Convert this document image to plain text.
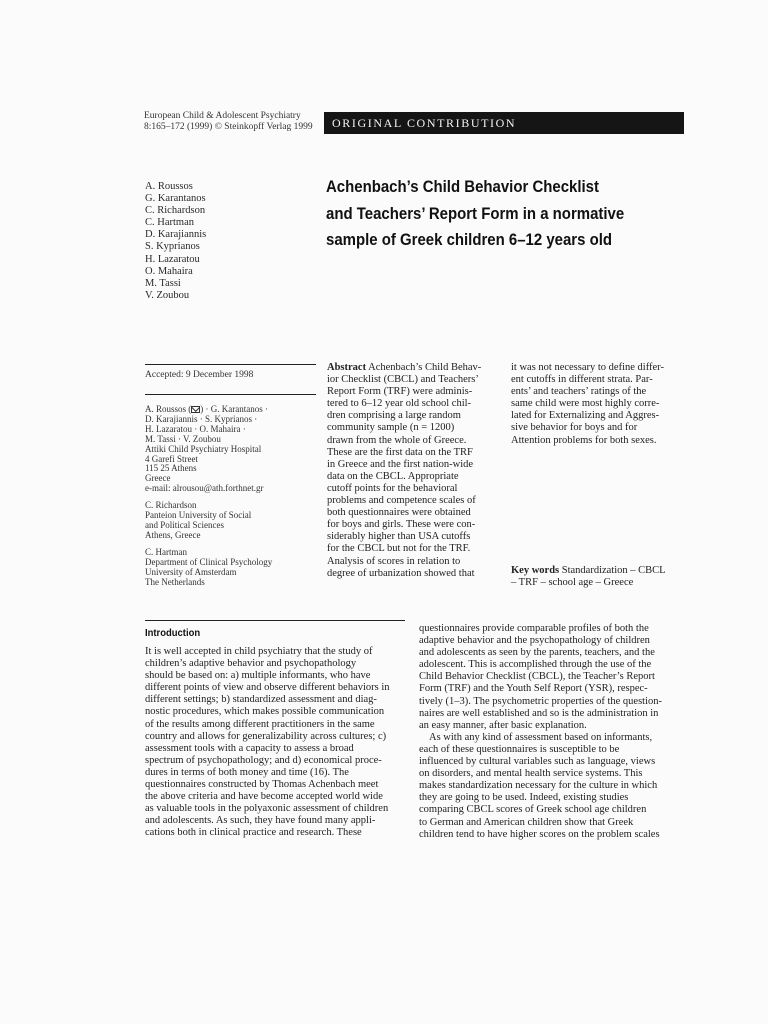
European Child & Adolescent Psychiatry
8:165–172 (1999) © Steinkopff Verlag 1999	ORIGINAL CONTRIBUTION
A. Roussos
G. Karantanos
C. Richardson
C. Hartman
D. Karajiannis
S. Kyprianos
H. Lazaratou
O. Mahaira
M. Tassi
V. Zoubou
Achenbach’s Child Behavior Checklist
and Teachers’ Report Form in a normative
sample of Greek children 6–12 years old
Accepted: 9 December 1998
A. Roussos ( ) · G. Karantanos ·
D. Karajiannis · S. Kyprianos ·
H. Lazaratou · O. Mahaira ·
M. Tassi · V. Zoubou
Attiki Child Psychiatry Hospital
4 Garefi Street
115 25 Athens
Greece
e-mail: alrousou@ath.forthnet.gr
C. Richardson
Panteion University of Social
and Political Sciences
Athens, Greece
C. Hartman
Department of Clinical Psychology
University of Amsterdam
The Netherlands
Abstract Achenbach’s Child Behav-
ior Checklist (CBCL) and Teachers’
Report Form (TRF) were adminis-
tered to 6–12 year old school chil-
dren comprising a large random
community sample (n = 1200)
drawn from the whole of Greece.
These are the first data on the TRF
in Greece and the first nation-wide
data on the CBCL. Appropriate
cutoff points for the behavioral
problems and competence scales of
both questionnaires were obtained
for boys and girls. These were con-
siderably higher than USA cutoffs
for the CBCL but not for the TRF.
Analysis of scores in relation to
degree of urbanization showed that
it was not necessary to define differ-
ent cutoffs in different strata. Par-
ents’ and teachers’ ratings of the
same child were most highly corre-
lated for Externalizing and Aggres-
sive behavior for boys and for
Attention problems for both sexes.
Key words Standardization – CBCL
– TRF – school age – Greece
Introduction
It is well accepted in child psychiatry that the study of
children’s adaptive behavior and psychopathology
should be based on: a) multiple informants, who have
different points of view and observe different behaviors in
different settings; b) standardized assessment and diag-
nostic procedures, which makes possible communication
of the results among different practitioners in the same
country and allows for generalizability across cultures; c)
assessment tools with a capacity to assess a broad
spectrum of psychopathology; and d) economical proce-
dures in terms of both money and time (16). The
questionnaires constructed by Thomas Achenbach meet
the above criteria and have become accepted world wide
as valuable tools in the polyaxonic assessment of children
and adolescents. As such, they have found many appli-
cations both in clinical practice and research. These
questionnaires provide comparable profiles of both the
adaptive behavior and the psychopathology of children
and adolescents as seen by the parents, teachers, and the
adolescent. This is accomplished through the use of the
Child Behavior Checklist (CBCL), the Teacher’s Report
Form (TRF) and the Youth Self Report (YSR), respec-
tively (1–3). The psychometric properties of the question-
naires are well established and so is the administration in
an easy manner, after basic explanation.
As with any kind of assessment based on informants,
each of these questionnaires is susceptible to be
influenced by cultural variables such as language, views
on disorders, and mental health service systems. This
makes standardization necessary for the culture in which
they are going to be used. Indeed, existing studies
comparing CBCL scores of Greek school age children
to German and American children show that Greek
children tend to have higher scores on the problem scales
